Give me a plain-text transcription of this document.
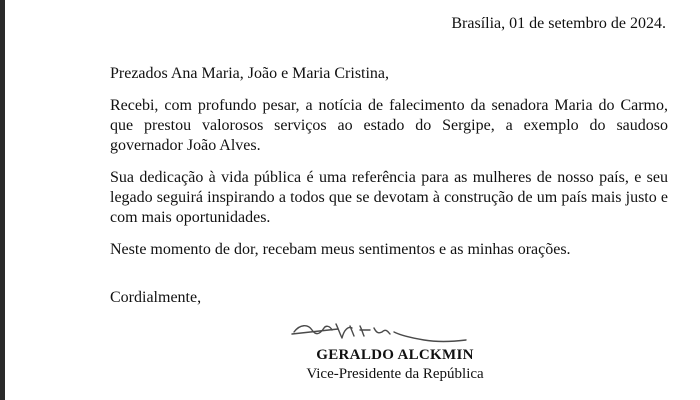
Brasília, 01 de setembro de 2024.

Prezados Ana Maria, João e Maria Cristina,

Recebi, com profundo pesar, a notícia de falecimento da senadora Maria do Carmo, que prestou valorosos serviços ao estado do Sergipe, a exemplo do saudoso governador João Alves.

Sua dedicação à vida pública é uma referência para as mulheres de nosso país, e seu legado seguirá inspirando a todos que se devotam à construção de um país mais justo e com mais oportunidades.

Neste momento de dor, recebam meus sentimentos e as minhas orações.

Cordialmente,
GERALDO ALCKMIN
Vice-Presidente da República
